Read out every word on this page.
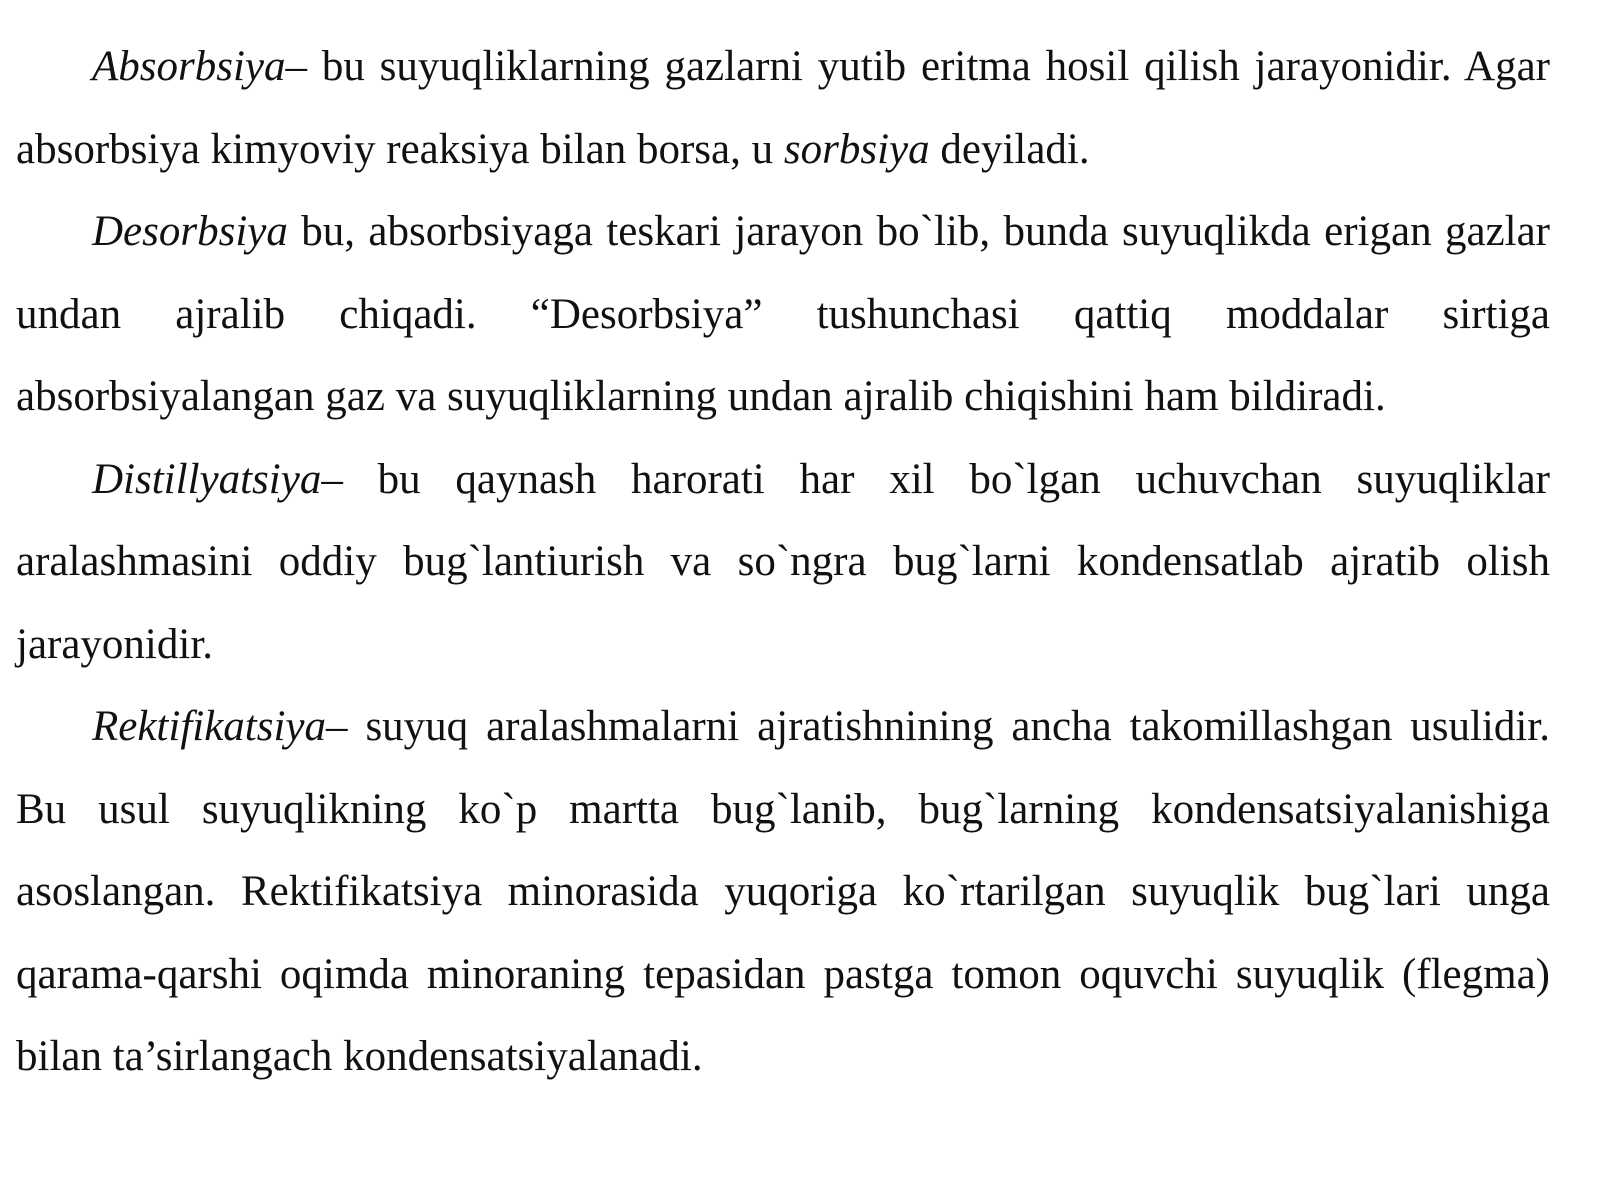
Absorbsiya– bu suyuqliklarning gazlarni yutib eritma hosil qilish jarayonidir. Agar absorbsiya kimyoviy reaksiya bilan borsa, u sorbsiya deyiladi.

Desorbsiya bu, absorbsiyaga teskari jarayon bo`lib, bunda suyuqlikda erigan gazlar undan ajralib chiqadi. “Desorbsiya” tushunchasi qattiq moddalar sirtiga absorbsiyalangan gaz va suyuqliklarning undan ajralib chiqishini ham bildiradi.

Distillyatsiya– bu qaynash harorati har xil bo`lgan uchuvchan suyuqliklar aralashmasini oddiy bug`lantiurish va so`ngra bug`larni kondensatlab ajratib olish jarayonidir.

Rektifikatsiya– suyuq aralashmalarni ajratishnining ancha takomillashgan usulidir. Bu usul suyuqlikning ko`p martta bug`lanib, bug`larning kondensatsiyalanishiga asoslangan. Rektifikatsiya minorasida yuqoriga ko`rtarilgan suyuqlik bug`lari unga qarama-qarshi oqimda minoraning tepasidan pastga tomon oquvchi suyuqlik (flegma) bilan ta’sirlangach kondensatsiyalanadi.
